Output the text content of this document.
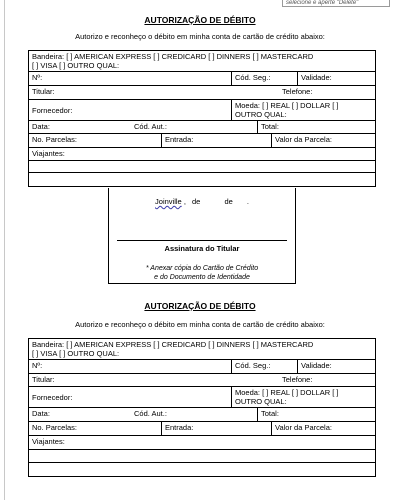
selecione e aperte "Delete"
AUTORIZAÇÃO DE DÉBITO
Autorizo e reconheço o débito em minha conta de cartão de crédito abaixo:
Bandeira: [ ] AMERICAN EXPRESS [ ] CREDICARD [ ] DINNERS [ ] MASTERCARD
[ ] VISA [ ] OUTRO QUAL:
Nº:	Cód. Seg.:	Validade:
Titular:	Telefone:
Fornecedor:
Moeda: [ ] REAL [ ] DOLLAR [ ]
OUTRO QUAL:
Data:	Cód. Aut.:	Total:
No. Parcelas:	Entrada:	Valor da Parcela:
Viajantes:
Joinville , de	de .
Assinatura do Titular
* Anexar cópia do Cartão de Crédito
e do Documento de Identidade
AUTORIZAÇÃO DE DÉBITO
Autorizo e reconheço o débito em minha conta de cartão de crédito abaixo:
Bandeira: [ ] AMERICAN EXPRESS [ ] CREDICARD [ ] DINNERS [ ] MASTERCARD
[ ] VISA [ ] OUTRO QUAL:
Nº:	Cód. Seg.:	Validade:
Titular:	Telefone:
Fornecedor:
Moeda: [ ] REAL [ ] DOLLAR [ ]
OUTRO QUAL:
Data:	Cód. Aut.:	Total:
No. Parcelas:	Entrada:	Valor da Parcela:
Viajantes:
